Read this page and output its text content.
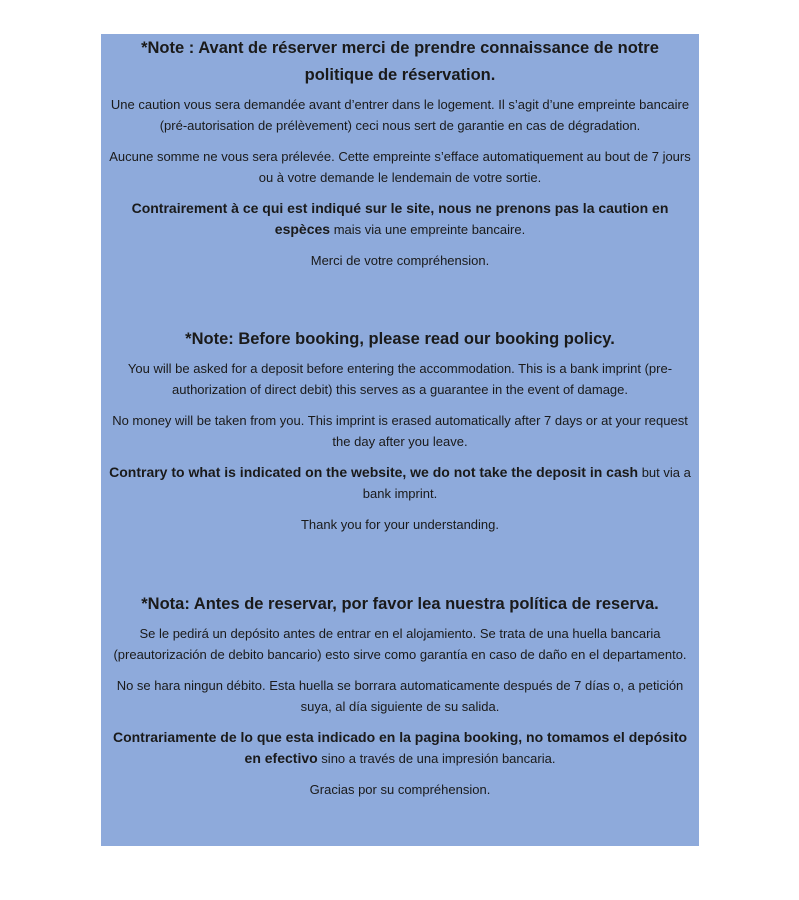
*Note : Avant de réserver merci de prendre connaissance de notre politique de réservation.

Une caution vous sera demandée avant d’entrer dans le logement. Il s’agit d’une empreinte bancaire (pré-autorisation de prélèvement) ceci nous sert de garantie en cas de dégradation.

Aucune somme ne vous sera prélevée. Cette empreinte s’efface automatiquement au bout de 7 jours ou à votre demande le lendemain de votre sortie.

Contrairement à ce qui est indiqué sur le site, nous ne prenons pas la caution en espèces mais via une empreinte bancaire.

Merci de votre compréhension.

*Note: Before booking, please read our booking policy.

You will be asked for a deposit before entering the accommodation. This is a bank imprint (pre-authorization of direct debit) this serves as a guarantee in the event of damage.

No money will be taken from you. This imprint is erased automatically after 7 days or at your request the day after you leave.

Contrary to what is indicated on the website, we do not take the deposit in cash but via a bank imprint.

Thank you for your understanding.

*Nota: Antes de reservar, por favor lea nuestra política de reserva.

Se le pedirá un depósito antes de entrar en el alojamiento. Se trata de una huella bancaria (preautorización de debito bancario) esto sirve como garantía en caso de daño en el departamento.

No se hara ningun débito. Esta huella se borrara automaticamente después de 7 días o, a petición suya, al día siguiente de su salida.

Contrariamente de lo que esta indicado en la pagina booking, no tomamos el depósito en efectivo sino a través de una impresión bancaria.

Gracias por su compréhension.
